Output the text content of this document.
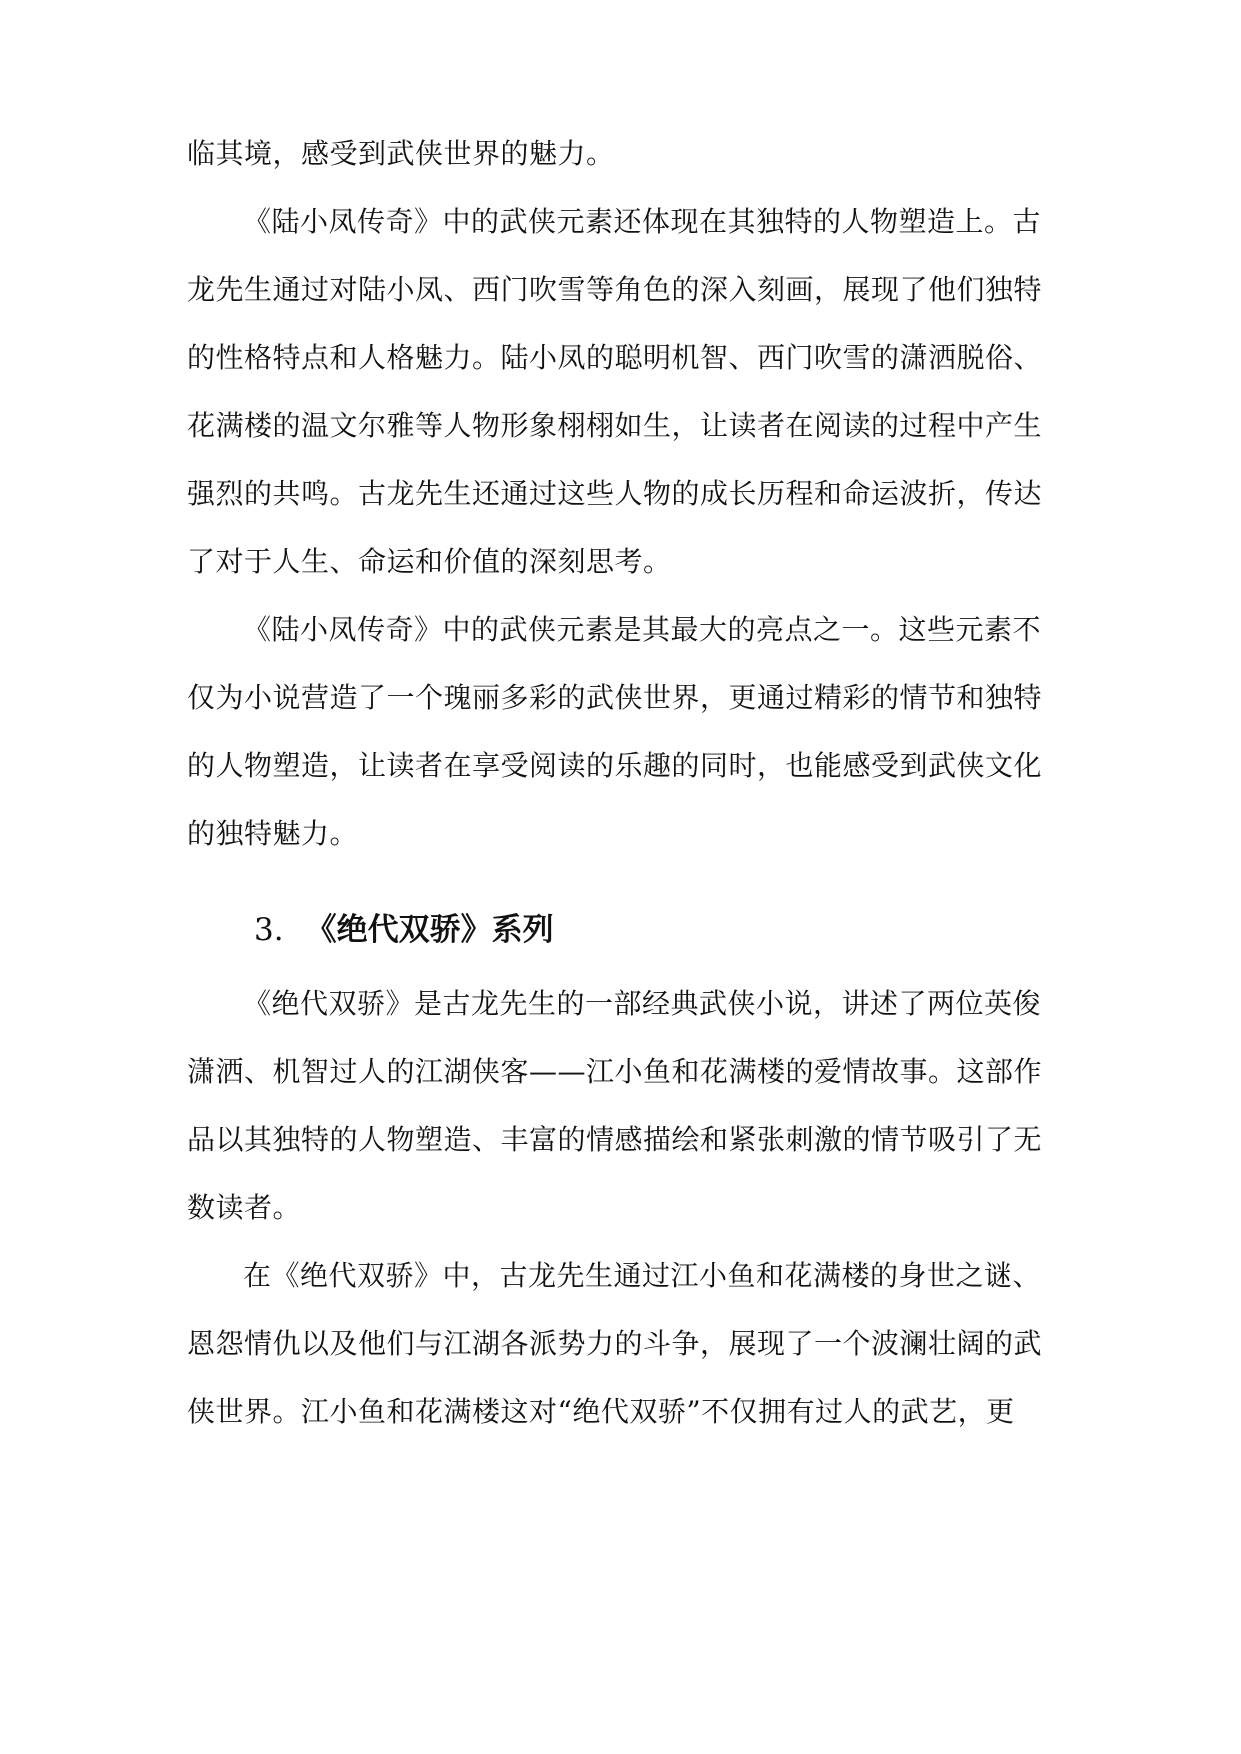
临其境，感受到武侠世界的魅力。
《陆小凤传奇》中的武侠元素还体现在其独特的人物塑造上。古
龙先生通过对陆小凤、西门吹雪等角色的深入刻画，展现了他们独特
的性格特点和人格魅力。陆小凤的聪明机智、西门吹雪的潇洒脱俗、
花满楼的温文尔雅等人物形象栩栩如生，让读者在阅读的过程中产生
强烈的共鸣。古龙先生还通过这些人物的成长历程和命运波折，传达
了对于人生、命运和价值的深刻思考。
《陆小凤传奇》中的武侠元素是其最大的亮点之一。这些元素不
仅为小说营造了一个瑰丽多彩的武侠世界，更通过精彩的情节和独特
的人物塑造，让读者在享受阅读的乐趣的同时，也能感受到武侠文化
的独特魅力。
3. 《绝代双骄》系列
《绝代双骄》是古龙先生的一部经典武侠小说，讲述了两位英俊
潇洒、机智过人的江湖侠客——江小鱼和花满楼的爱情故事。这部作
品以其独特的人物塑造、丰富的情感描绘和紧张刺激的情节吸引了无
数读者。
在《绝代双骄》中，古龙先生通过江小鱼和花满楼的身世之谜、
恩怨情仇以及他们与江湖各派势力的斗争，展现了一个波澜壮阔的武
侠世界。江小鱼和花满楼这对“绝代双骄”不仅拥有过人的武艺，更
